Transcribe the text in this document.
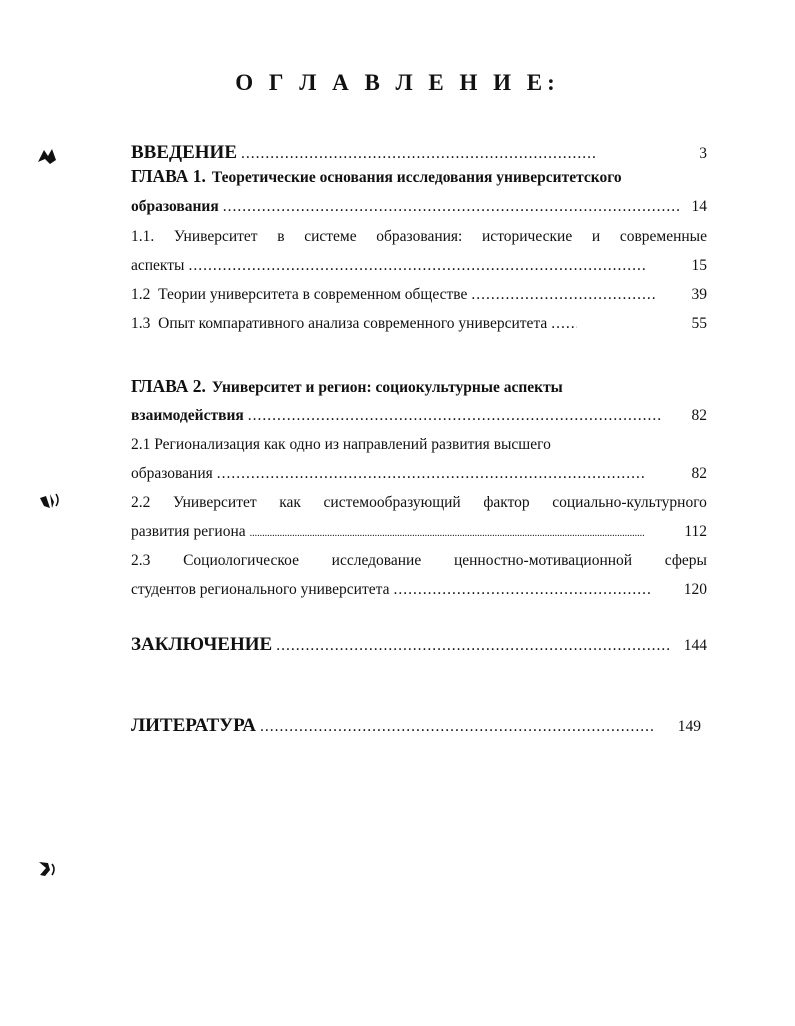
О Г Л А В Л Е Н И Е:
ВВЕДЕНИЕ .....	3
ГЛАВА 1. Теоретические основания исследования университетского
образования .....	14
1.1. Университет в системе образования: исторические и современные
аспекты .....	15
1.2  Теории университета в современном обществе .....	39
1.3  Опыт компаративного анализа современного университета .....	55
ГЛАВА 2. Университет и регион: социокультурные аспекты
взаимодействия .....	82
2.1 Регионализация как одно из направлений развития высшего
образования .....	82
2.2 Университет как системообразующий фактор социально-культурного
развития региона .....	112
2.3 Социологическое исследование ценностно-мотивационной сферы
студентов регионального университета .....	120
ЗАКЛЮЧЕНИЕ .....	144
ЛИТЕРАТУРА .....	149
